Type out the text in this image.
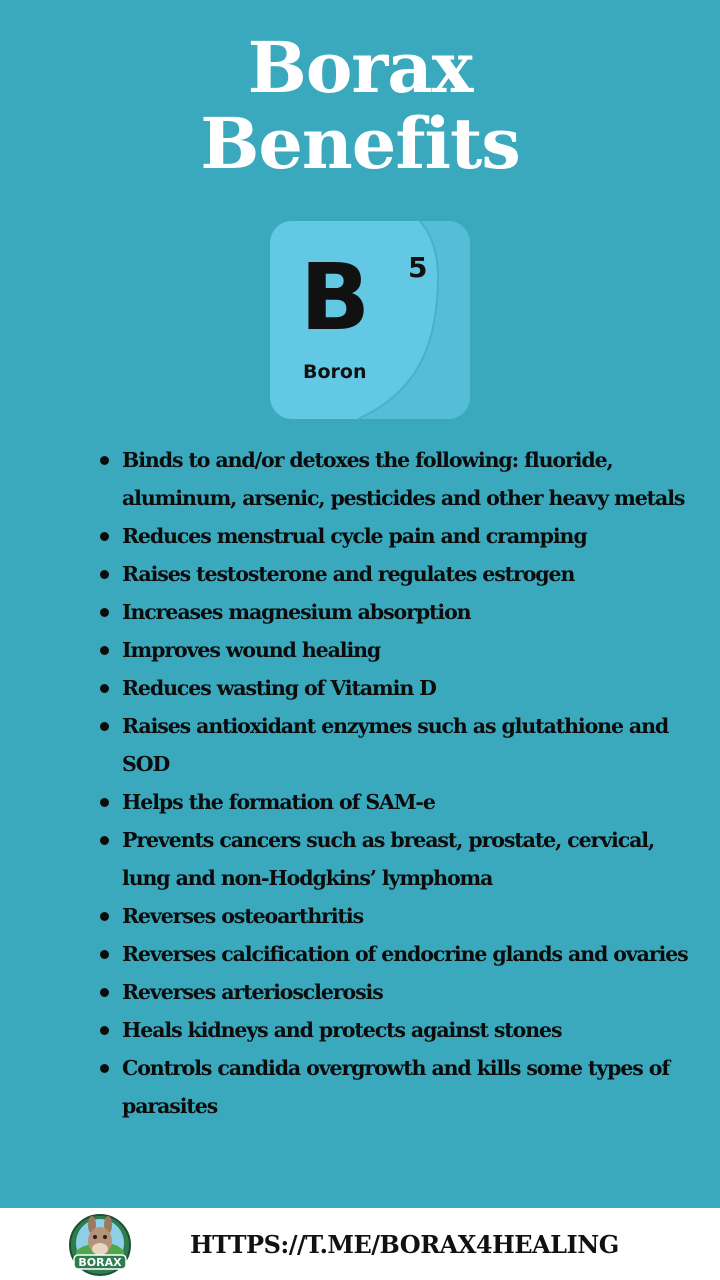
Borax
Benefits
B 5
Boron
Binds to and/or detoxes the following: fluoride, aluminum, arsenic, pesticides and other heavy metals
Reduces menstrual cycle pain and cramping
Raises testosterone and regulates estrogen
Increases magnesium absorption
Improves wound healing
Reduces wasting of Vitamin D
Raises antioxidant enzymes such as glutathione and SOD
Helps the formation of SAM-e
Prevents cancers such as breast, prostate, cervical, lung and non-Hodgkins’ lymphoma
Reverses osteoarthritis
Reverses calcification of endocrine glands and ovaries
Reverses arteriosclerosis
Heals kidneys and protects against stones
Controls candida overgrowth and kills some types of parasites
BORAX
HTTPS://T.ME/BORAX4HEALING
